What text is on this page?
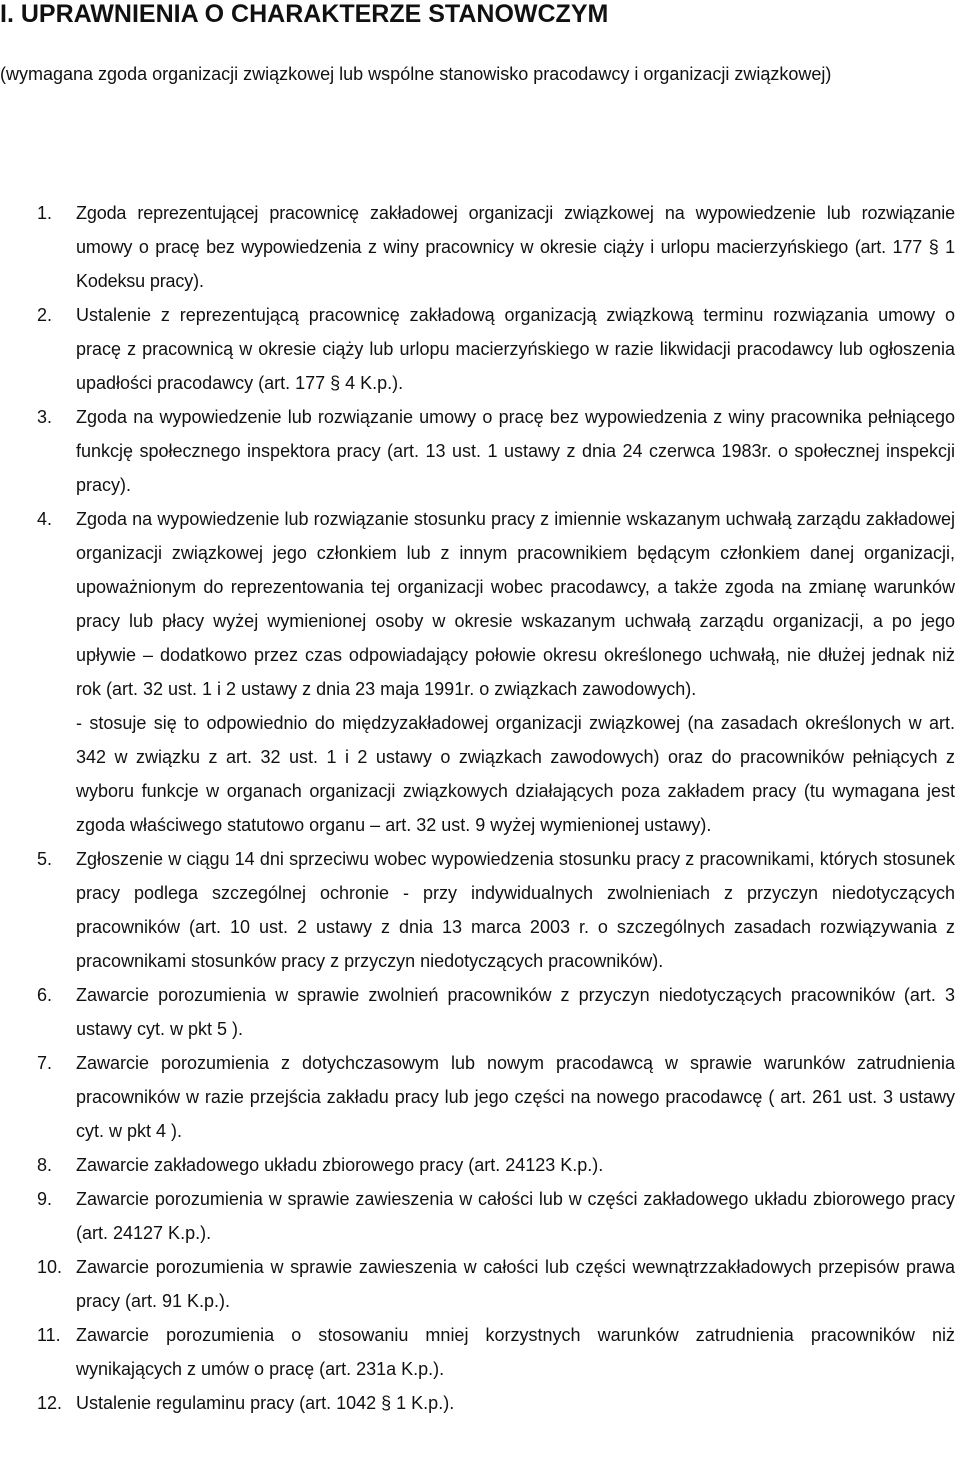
I. UPRAWNIENIA O CHARAKTERZE STANOWCZYM
(wymagana zgoda organizacji związkowej lub wspólne stanowisko pracodawcy i organizacji związkowej)
1.	Zgoda reprezentującej pracownicę zakładowej organizacji związkowej na wypowiedzenie lub rozwiązanie umowy o pracę bez wypowiedzenia z winy pracownicy w okresie ciąży i urlopu macierzyńskiego (art. 177 § 1 Kodeksu pracy).
2.	Ustalenie z reprezentującą pracownicę zakładową organizacją związkową terminu rozwiązania umowy o pracę z pracownicą w okresie ciąży lub urlopu macierzyńskiego w razie likwidacji pracodawcy lub ogłoszenia upadłości pracodawcy (art. 177 § 4 K.p.).
3.	Zgoda na wypowiedzenie lub rozwiązanie umowy o pracę bez wypowiedzenia z winy pracownika pełniącego funkcję społecznego inspektora pracy (art. 13 ust. 1 ustawy z dnia 24 czerwca 1983r. o społecznej inspekcji pracy).
4.	Zgoda na wypowiedzenie lub rozwiązanie stosunku pracy z imiennie wskazanym uchwałą zarządu zakładowej organizacji związkowej jego członkiem lub z innym pracownikiem będącym członkiem danej organizacji, upoważnionym do reprezentowania tej organizacji wobec pracodawcy, a także zgoda na zmianę warunków pracy lub płacy wyżej wymienionej osoby w okresie wskazanym uchwałą zarządu organizacji, a po jego upływie – dodatkowo przez czas odpowiadający połowie okresu określonego uchwałą, nie dłużej jednak niż rok (art. 32 ust. 1 i 2 ustawy z dnia 23 maja 1991r. o związkach zawodowych).
- stosuje się to odpowiednio do międzyzakładowej organizacji związkowej (na zasadach określonych w art. 342 w związku z art. 32 ust. 1 i 2 ustawy o związkach zawodowych) oraz do pracowników pełniących z wyboru funkcje w organach organizacji związkowych działających poza zakładem pracy (tu wymagana jest zgoda właściwego statutowo organu – art. 32 ust. 9 wyżej wymienionej ustawy).
5.	Zgłoszenie w ciągu 14 dni sprzeciwu wobec wypowiedzenia stosunku pracy z pracownikami, których stosunek pracy podlega szczególnej ochronie - przy indywidualnych zwolnieniach z przyczyn niedotyczących pracowników (art. 10 ust. 2 ustawy z dnia 13 marca 2003 r. o szczególnych zasadach rozwiązywania z pracownikami stosunków pracy z przyczyn niedotyczących pracowników).
6.	Zawarcie porozumienia w sprawie zwolnień pracowników z przyczyn niedotyczących pracowników (art. 3 ustawy cyt. w pkt 5 ).
7.	Zawarcie porozumienia z dotychczasowym lub nowym pracodawcą w sprawie warunków zatrudnienia pracowników w razie przejścia zakładu pracy lub jego części na nowego pracodawcę ( art. 261 ust. 3 ustawy cyt. w pkt 4 ).
8.	Zawarcie zakładowego układu zbiorowego pracy (art. 24123 K.p.).
9.	Zawarcie porozumienia w sprawie zawieszenia w całości lub w części zakładowego układu zbiorowego pracy (art. 24127 K.p.).
10. Zawarcie porozumienia w sprawie zawieszenia w całości lub części wewnątrzzakładowych przepisów prawa pracy (art. 91 K.p.).
11. Zawarcie porozumienia o stosowaniu mniej korzystnych warunków zatrudnienia pracowników niż wynikających z umów o pracę (art. 231a K.p.).
12. Ustalenie regulaminu pracy (art. 1042 § 1 K.p.).
